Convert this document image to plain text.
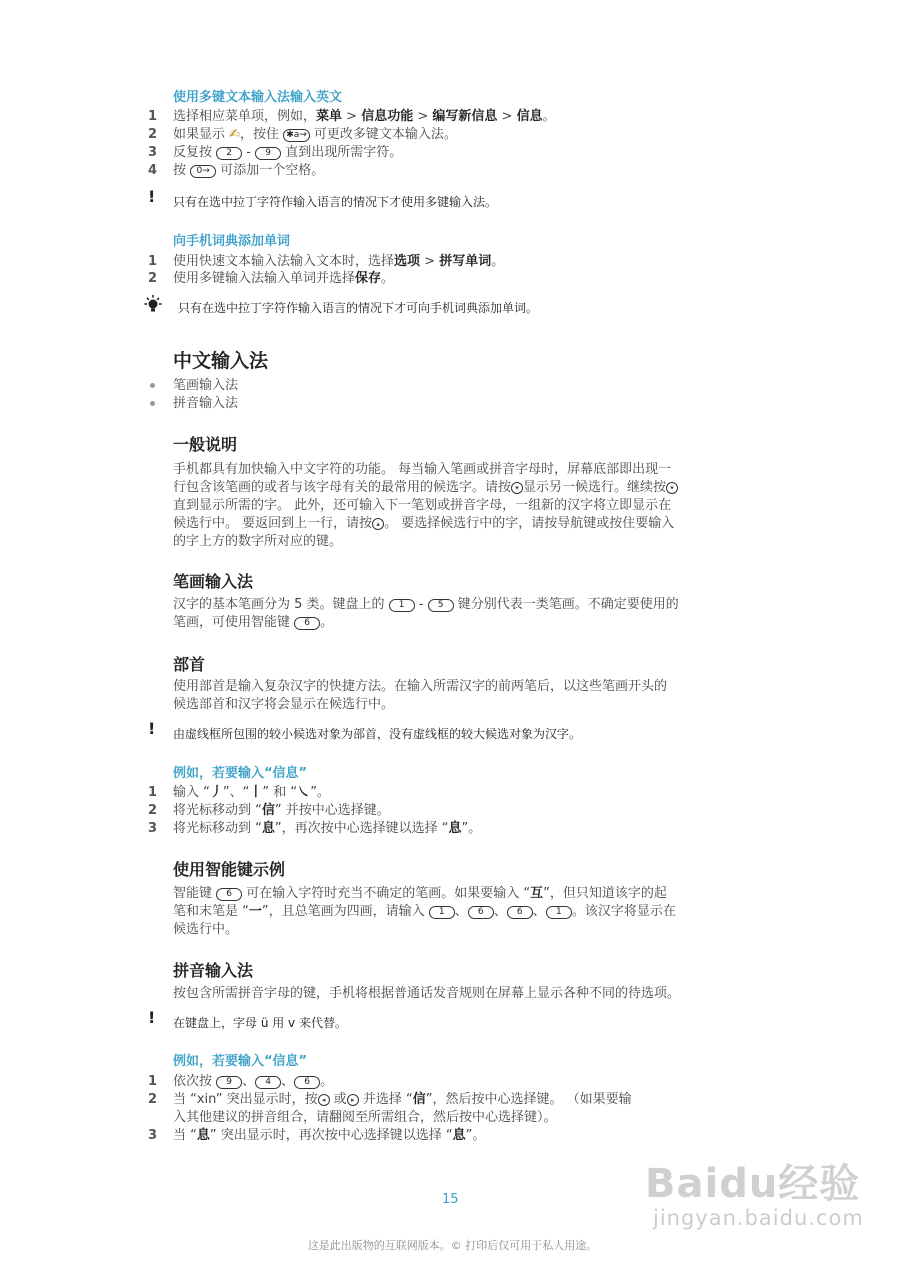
使用多键文本输入法输入英文
1	选择相应菜单项，例如，菜单 > 信息功能 > 编写新信息 > 信息。
2	如果显示 ✍，按住 ✱a→ 可更改多键文本输入法。
3	反复按 2 - 9 直到出现所需字符。
4	按 0→ 可添加一个空格。
! 只有在选中拉丁字符作输入语言的情况下才使用多键输入法。
向手机词典添加单词
1	使用快速文本输入法输入文本时，选择选项 > 拼写单词。
2	使用多键输入法输入单词并选择保存。
只有在选中拉丁字符作输入语言的情况下才可向手机词典添加单词。
中文输入法
笔画输入法
拼音输入法
一般说明
手机都具有加快输入中文字符的功能。 每当输入笔画或拼音字母时，屏幕底部即出现一
行包含该笔画的或者与该字母有关的最常用的候选字。请按 ▾ 显示另一候选行。继续按 ▾
直到显示所需的字。 此外，还可输入下一笔划或拼音字母，一组新的汉字将立即显示在
候选行中。 要返回到上一行，请按 ▴ 。 要选择候选行中的字，请按导航键或按住要输入
的字上方的数字所对应的键。
笔画输入法
汉字的基本笔画分为 5 类。键盘上的 1 - 5 键分别代表一类笔画。不确定要使用的
笔画，可使用智能键 6 。
部首
使用部首是输入复杂汉字的快捷方法。在输入所需汉字的前两笔后，以这些笔画开头的
候选部首和汉字将会显示在候选行中。
! 由虚线框所包围的较小候选对象为部首，没有虚线框的较大候选对象为汉字。
例如，若要输入“信息”
1	输入 “丿”、“丨” 和 “㇏”。
2	将光标移动到 “信” 并按中心选择键。
3	将光标移动到 “息”，再次按中心选择键以选择 “息”。
使用智能键示例
智能键 6 可在输入字符时充当不确定的笔画。如果要输入 “互”，但只知道该字的起
笔和末笔是 “一”，且总笔画为四画，请输入 1 、 6 、 6 、 1 。该汉字将显示在
候选行中。
拼音输入法
按包含所需拼音字母的键，手机将根据普通话发音规则在屏幕上显示各种不同的待选项。
! 在键盘上，字母 ü 用 v 来代替。
例如，若要输入“信息”
1	依次按 9 、 4 、 6 。
2	当 “xin” 突出显示时，按 ◂ 或 ▸ 并选择 “信”，然后按中心选择键。 （如果要输
入其他建议的拼音组合，请翻阅至所需组合，然后按中心选择键）。
3	当 “息” 突出显示时，再次按中心选择键以选择 “息”。
15	Baidu经验
jingyan.baidu.com
这是此出版物的互联网版本。© 打印后仅可用于私人用途。
